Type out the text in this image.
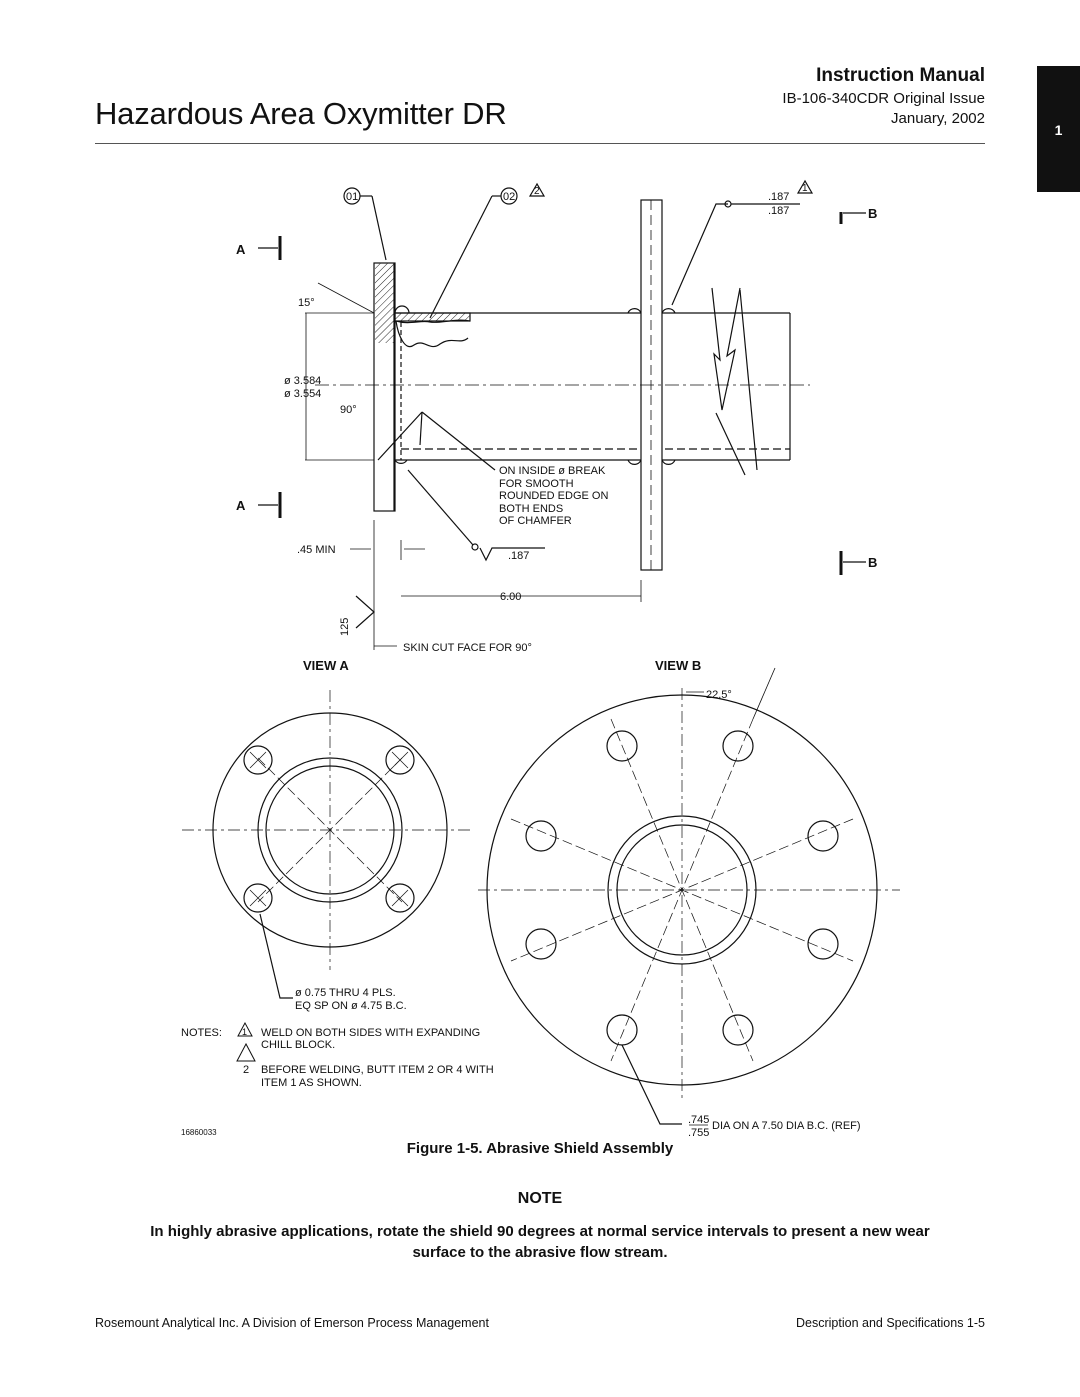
Hazardous Area Oxymitter DR
Instruction Manual
IB-106-340CDR Original Issue
January, 2002
1
01	02 2	1
.187
.187
A
A
B
B
15°
ø 3.584
ø 3.554
90°
ON INSIDE ø BREAK
FOR SMOOTH
ROUNDED EDGE ON
BOTH ENDS
OF CHAMFER
.45 MIN	.187
6.00
125
SKIN CUT FACE FOR 90°
VIEW A	VIEW B
22.5°
ø 0.75 THRU 4 PLS.
EQ SP ON ø 4.75 B.C.
NOTES: 1 WELD ON BOTH SIDES WITH EXPANDING
CHILL BLOCK.
2 BEFORE WELDING, BUTT ITEM 2 OR 4 WITH
ITEM 1 AS SHOWN.
16860033
.745
.755
DIA ON A 7.50 DIA B.C. (REF)
Figure 1-5. Abrasive Shield Assembly
NOTE
In highly abrasive applications, rotate the shield 90 degrees at normal service intervals to present a new wear surface to the abrasive flow stream.
Rosemount Analytical Inc. A Division of Emerson Process Management	Description and Specifications 1-5
